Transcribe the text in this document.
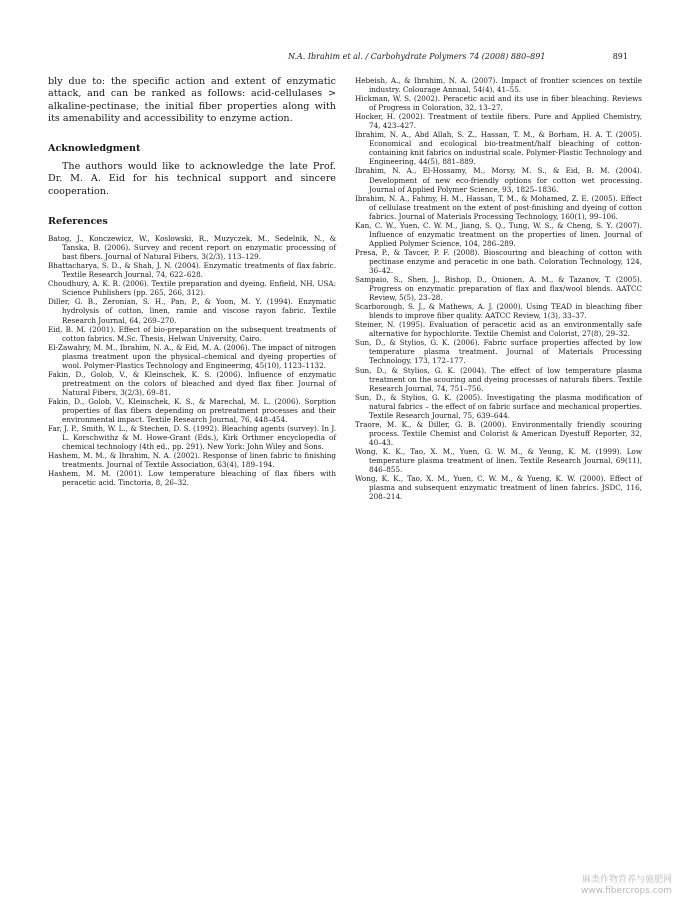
N.A. Ibrahim et al. / Carbohydrate Polymers 74 (2008) 880–891	891

bly due to: the specific action and extent of enzymatic attack, and can be ranked as follows: acid-cellulases > alkaline-pectinase, the initial fiber properties along with its amenability and accessibility to enzyme action.

Acknowledgment

The authors would like to acknowledge the late Prof. Dr. M. A. Eid for his technical support and sincere cooperation.

References
Batog, J., Konczewicz, W., Koslowski, R., Muzyczek, M., Sedelnik, N., & Tanska, B. (2006). Survey and recent report on enzymatic processing of bast fibers. Journal of Natural Fibers, 3(2/3), 113–129.
Bhattacharya, S. D., & Shah, J. N. (2004). Enzymatic treatments of flax fabric. Textile Research Journal, 74, 622–628.
Choudhury, A. K. R. (2006). Textile preparation and dyeing. Enfield, NH, USA: Science Publishers (pp. 265, 266, 312).
Diller, G. B., Zeronian, S. H., Pan, P., & Yoon, M. Y. (1994). Enzymatic hydrolysis of cotton, linen, ramie and viscose rayon fabric. Textile Research Journal, 64, 269–270.
Eid, B. M. (2001). Effect of bio-preparation on the subsequent treatments of cotton fabrics. M.Sc. Thesis, Helwan University, Cairo.
El-Zawahry, M. M., Ibrahim, N. A., & Eid, M. A. (2006). The impact of nitrogen plasma treatment upon the physical–chemical and dyeing properties of wool. Polymer-Plastics Technology and Engineering, 45(10), 1123–1132.
Fakin, D., Golob, V., & Kleinschek, K. S. (2006). Influence of enzymatic pretreatment on the colors of bleached and dyed flax fiber. Journal of Natural Fibers, 3(2/3), 69–81.
Fakin, D., Golob, V., Kleinschek, K. S., & Marechal, M. L. (2006). Sorption properties of flax fibers depending on pretreatment processes and their environmental impact. Textile Research Journal, 76, 448–454.
Far, J. P., Smith, W. L., & Stechen, D. S. (1992). Bleaching agents (survey). In J. L. Korschwithz & M. Howe-Grant (Eds.), Kirk Orthmer encyclopedia of chemical technology (4th ed., pp. 291). New York: John Wiley and Sons.
Hashem, M. M., & Ibrahim, N. A. (2002). Response of linen fabric to finishing treatments. Journal of Textile Association, 63(4), 189–194.
Hashem, M. M. (2001). Low temperature bleaching of flax fibers with peracetic acid. Tinctoria, 8, 26–32.
Hebeish, A., & Ibrahim, N. A. (2007). Impact of frontier sciences on textile industry. Colourage Annual, 54(4), 41–55.
Hickman, W. S. (2002). Peracetic acid and its use in fiber bleaching. Reviews of Progress in Coloration, 32, 13–27.
Hocker, H. (2002). Treatment of textile fibers. Pure and Applied Chemistry, 74, 423–427.
Ibrahim, N. A., Abd Allah, S. Z., Hassan, T. M., & Borham, H. A. T. (2005). Economical and ecological bio-treatment/half bleaching of cotton-containing knit fabrics on industrial scale. Polymer-Plastic Technology and Engineering, 44(5), 881–889.
Ibrahim, N. A., El-Hossamy, M., Morsy, M. S., & Eid, B. M. (2004). Development of new eco-friendly options for cotton wet processing. Journal of Applied Polymer Science, 93, 1825–1836.
Ibrahim, N. A., Fahmy, H. M., Hassan, T. M., & Mohamed, Z. E. (2005). Effect of cellulase treatment on the extent of post-finishing and dyeing of cotton fabrics. Journal of Materials Processing Technology, 160(1), 99–106.
Kan, C. W., Yuen, C. W. M., Jiang, S. Q., Tung, W. S., & Cheng, S. Y. (2007). Influence of enzymatic treatment on the properties of linen. Journal of Applied Polymer Science, 104, 286–289.
Presa, P., & Tavcer, P. F. (2008). Bioscouring and bleaching of cotton with pectinase enzyme and peracetic in one bath. Coloration Technology, 124, 36–42.
Sampaio, S., Shen, J., Bishop, D., Onionen, A. M., & Tazanov, T. (2005). Progress on enzymatic preparation of flax and flax/wool blends. AATCC Review, 5(5), 23–28.
Scarborough, S. J., & Mathews, A. J. (2000). Using TEAD in bleaching fiber blends to improve fiber quality. AATCC Review, 1(3), 33–37.
Steiner, N. (1995). Evaluation of peracetic acid as an environmentally safe alternative for hypochlorite. Textile Chemist and Colorist, 27(8), 29–32.
Sun, D., & Stylios, G. K. (2006). Fabric surface properties affected by low temperature plasma treatment. Journal of Materials Processing Technology, 173, 172–177.
Sun, D., & Stylios, G. K. (2004). The effect of low temperature plasma treatment on the scouring and dyeing processes of naturals fibers. Textile Research Journal, 74, 751–756.
Sun, D., & Stylios, G. K. (2005). Investigating the plasma modification of natural fabrics – the effect of on fabric surface and mechanical properties. Textile Research Journal, 75, 639–644.
Traore, M. K., & Diller, G. B. (2000). Environmentally friendly scouring process. Textile Chemist and Colorist & American Dyestuff Reporter, 32, 40–43.
Wong, K. K., Tao, X. M., Yuen, G. W. M., & Yeung, K. M. (1999). Low temperature plasma treatment of linen. Textile Research Journal, 69(11), 846–855.
Wong, K. K., Tao, X. M., Yuen, C. W. M., & Yueng, K. W. (2000). Effect of plasma and subsequent enzymatic treatment of linen fabrics. JSDC, 116, 208–214.
麻类作物营养与施肥网
www.fibercrops.com
